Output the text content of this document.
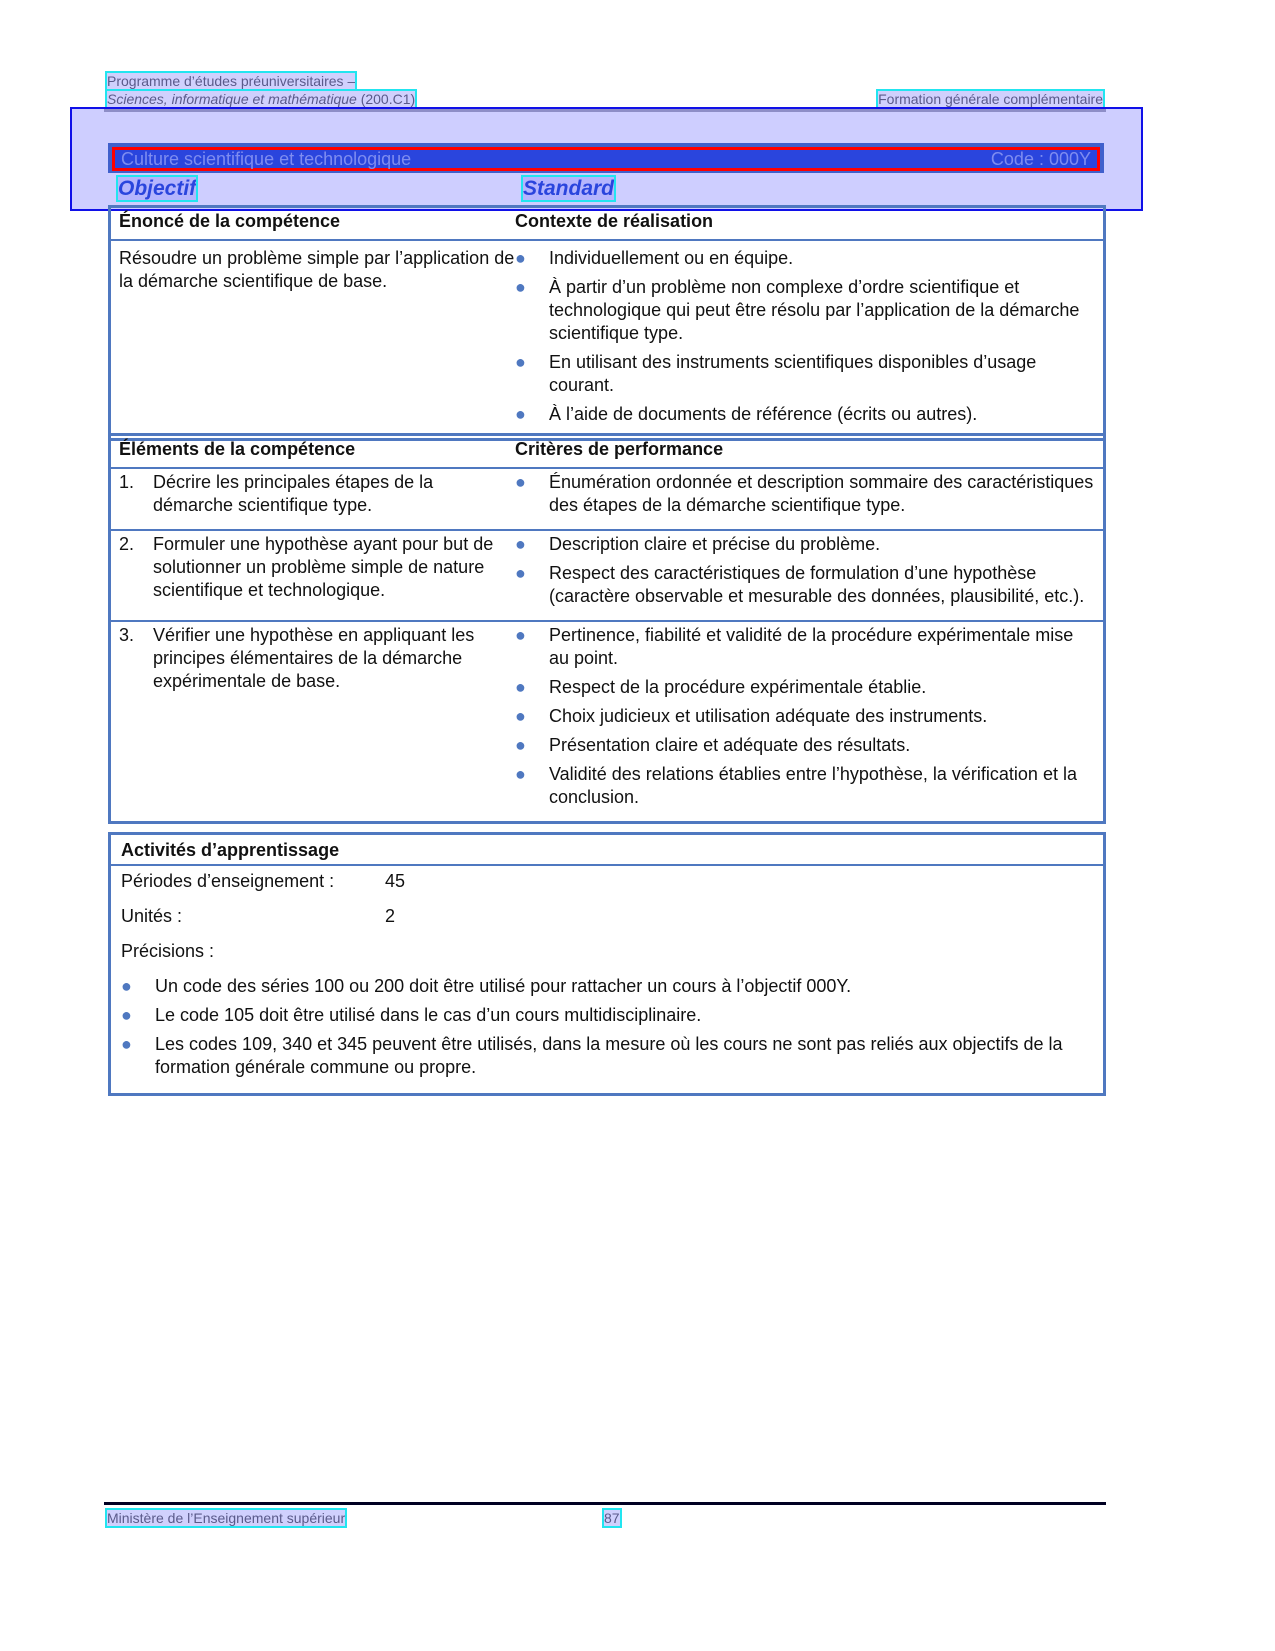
Programme d’études préuniversitaires –
Sciences, informatique et mathématique (200.C1)	Formation générale complémentaire
Culture scientifique et technologique	Code : 000Y
Objectif	Standard
Énoncé de la compétence	Contexte de réalisation
Résoudre un problème simple par l’application de la démarche scientifique de base.
●	Individuellement ou en équipe.
●	À partir d’un problème non complexe d’ordre scientifique et technologique qui peut être résolu par l’application de la démarche scientifique type.
●	En utilisant des instruments scientifiques disponibles d’usage courant.
●	À l’aide de documents de référence (écrits ou autres).
Éléments de la compétence	Critères de performance
1.	Décrire les principales étapes de la démarche scientifique type.
●	Énumération ordonnée et description sommaire des caractéristiques des étapes de la démarche scientifique type.
2.	Formuler une hypothèse ayant pour but de solutionner un problème simple de nature scientifique et technologique.
●	Description claire et précise du problème.
●	Respect des caractéristiques de formulation d’une hypothèse (caractère observable et mesurable des données, plausibilité, etc.).
3.	Vérifier une hypothèse en appliquant les principes élémentaires de la démarche expérimentale de base.
●	Pertinence, fiabilité et validité de la procédure expérimentale mise au point.
●	Respect de la procédure expérimentale établie.
●	Choix judicieux et utilisation adéquate des instruments.
●	Présentation claire et adéquate des résultats.
●	Validité des relations établies entre l’hypothèse, la vérification et la conclusion.
Activités d’apprentissage

Périodes d’enseignement :	45

Unités :	2

Précisions :

●	Un code des séries 100 ou 200 doit être utilisé pour rattacher un cours à l’objectif 000Y.
●	Le code 105 doit être utilisé dans le cas d’un cours multidisciplinaire.
●	Les codes 109, 340 et 345 peuvent être utilisés, dans la mesure où les cours ne sont pas reliés aux objectifs de la formation générale commune ou propre.
Ministère de l’Enseignement supérieur	87
